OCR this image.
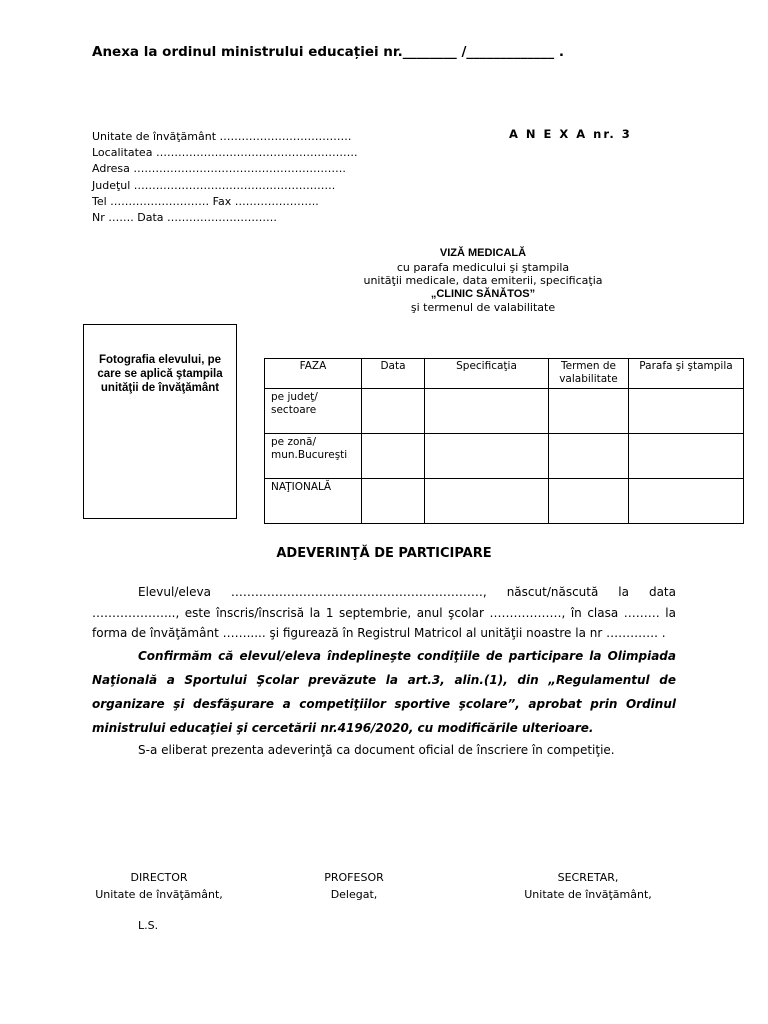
Anexa la ordinul ministrului educației nr.________ /_____________ .
Unitate de învăţământ ………………………………
Localitatea ……………………………………………….
Adresa ………………………………………………….
Judeţul ……………………………………………….
Tel ……………………… Fax …………………..
Nr ……. Data …………………………
A N E X A nr. 3
VIZĂ MEDICALĂ
cu parafa medicului şi ştampila
unităţii medicale, data emiterii, specificaţia
„CLINIC SĂNĂTOS”
şi termenul de valabilitate
Fotografia elevului, pe care se aplică ştampila unităţii de învăţământ
FAZA	Data	Specificaţia	Termen de valabilitate	Parafa şi ştampila
pe judeţ/ sectoare				
pe zonă/ mun.Bucureşti				
NAŢIONALĂ				
ADEVERINŢĂ DE PARTICIPARE

Elevul/eleva ………………………………………………………, născut/născută la data ………………..., este înscris/înscrisă la 1 septembrie, anul şcolar ………………, în clasa ……… la forma de învăţământ ……..... şi figurează în Registrul Matricol al unităţii noastre la nr …………. .

Confirmăm că elevul/eleva îndeplineşte condiţiile de participare la Olimpiada Naţională a Sportului Şcolar prevăzute la art.3, alin.(1), din „Regulamentul de organizare şi desfăşurare a competiţiilor sportive şcolare”, aprobat prin Ordinul ministrului educaţiei şi cercetării nr.4196/2020, cu modificările ulterioare.

S-a eliberat prezenta adeverinţă ca document oficial de înscriere în competiţie.

DIRECTOR
Unitate de învăţământ,
PROFESOR
Delegat,
SECRETAR,
Unitate de învăţământ,
L.S.
